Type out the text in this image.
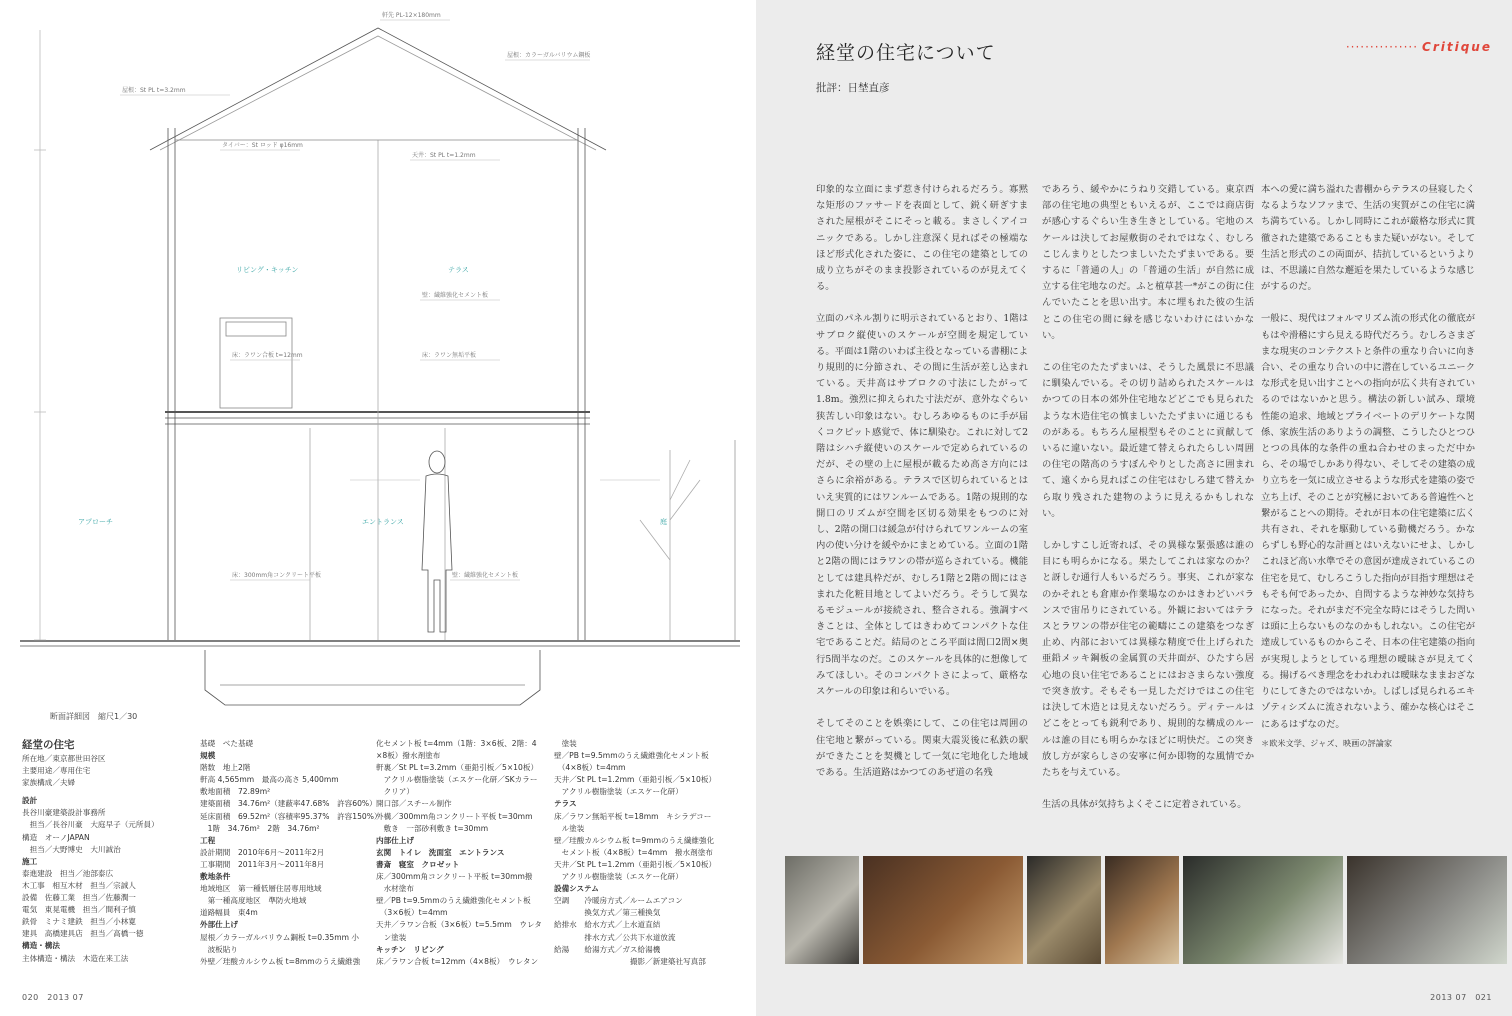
屋根：St PL t=3.2mm
タイバー：St ロッド φ16mm
床：ラワン合板 t=12mm
天井：St PL t=1.2mm
壁：繊維強化セメント板
床：ラワン無垢平板
床：300mm角コンクリート平板	壁：繊維強化セメント板
屋根：カラーガルバリウム鋼板
軒先 PL-12×180mm
リビング・キッチン	テラス
アプローチ	エントランス	庭
断面詳細図　縮尺1／30
経堂の住宅
所在地／東京都世田谷区
主要用途／専用住宅
家族構成／夫婦
設計
長谷川豪建築設計事務所
　担当／長谷川豪　大庭早子（元所員）
構造　オーノJAPAN
　担当／大野博史　大川誠治
施工
泰進建設　担当／池部泰広
木工事　相互木材　担当／宗誠人
設備　佐藤工業　担当／佐藤潤一
電気　東晃電機　担当／間利子慎
鉄骨　ミナミ建鉄　担当／小林寛
建具　高橋建具店　担当／高橋一徳
構造・構法
主体構造・構法　木造在来工法
基礎　べた基礎
規模
階数　地上2階
軒高 4,565mm　最高の高さ 5,400mm
敷地面積　72.89m²
建築面積　34.76m²（建蔽率47.68%　許容60%）
延床面積　69.52m²（容積率95.37%　許容150%）
　1階　34.76m²　2階　34.76m²
工程
設計期間　2010年6月〜2011年2月
工事期間　2011年3月〜2011年8月
敷地条件
地域地区　第一種低層住居専用地域
　第一種高度地区　準防火地域
道路幅員　東4m
外部仕上げ
屋根／カラーガルバリウム鋼板 t=0.35mm 小
　波板貼り
外壁／珪酸カルシウム板 t=8mmのうえ繊維強
化セメント板 t=4mm（1階：3×6板、2階：4
×8板）撥水剤塗布
軒裏／St PL t=3.2mm（亜鉛引板／5×10板）
　アクリル樹脂塗装（エスケー化研／SKカラー
　クリア）
開口部／スチール制作
外構／300mm角コンクリート平板 t=30mm
　敷き　一部砂利敷き t=30mm
内部仕上げ
玄関　トイレ　洗面室　エントランス
書斎　寝室　クロゼット
床／300mm角コンクリート平板 t=30mm撥
　水材塗布
壁／PB t=9.5mmのうえ繊維強化セメント板
　（3×6板）t=4mm
天井／ラワン合板（3×6板）t=5.5mm　ウレタ
　ン塗装
キッチン　リビング
床／ラワン合板 t=12mm（4×8板）　ウレタン
　塗装
壁／PB t=9.5mmのうえ繊維強化セメント板
　（4×8板）t=4mm
天井／St PL t=1.2mm（亜鉛引板／5×10板）
　アクリル樹脂塗装（エスケー化研）
テラス
床／ラワン無垢平板 t=18mm　キシラデコー
　ル塗装
壁／珪酸カルシウム板 t=9mmのうえ繊維強化
　セメント板（4×8板）t=4mm　撥水剤塗布
天井／St PL t=1.2mm（亜鉛引板／5×10板）
　アクリル樹脂塗装（エスケー化研）
設備システム
空調　　冷暖房方式／ルームエアコン
　　　　換気方式／第三種換気
給排水　給水方式／上水道直結
　　　　排水方式／公共下水道放流
給湯　　給湯方式／ガス給湯機
　　　　　　　　　　撮影／新建築社写真部
020　2013 07
··············· Critique
経堂の住宅について
批評：日埜直彦

印象的な立面にまず惹き付けられるだろう。寡黙な矩形のファサードを表面として、鋭く研ぎすまされた屋根がそこにそっと載る。まさしくアイコニックである。しかし注意深く見ればその極端なほど形式化された姿に、この住宅の建築としての成り立ちがそのまま投影されているのが見えてくる。

立面のパネル割りに明示されているとおり、1階はサブロク縦使いのスケールが空間を規定している。平面は1階のいわば主役となっている書棚により規則的に分節され、その間に生活が差し込まれている。天井高はサブロクの寸法にしたがって1.8m。強烈に抑えられた寸法だが、意外なぐらい狭苦しい印象はない。むしろあゆるものに手が届くコクピット感覚で、体に馴染む。これに対して2階はシハチ縦使いのスケールで定められているのだが、その壁の上に屋根が載るため高さ方向にはさらに余裕がある。テラスで区切られているとはいえ実質的にはワンルームである。1階の規則的な開口のリズムが空間を区切る効果をもつのに対し、2階の開口は緩急が付けられてワンルームの室内の使い分けを緩やかにまとめている。立面の1階と2階の間にはラワンの帯が巡らされている。機能としては建具枠だが、むしろ1階と2階の間にはさまれた化粧目地としてよいだろう。そうして異なるモジュールが接続され、整合される。強調すべきことは、全体としてはきわめてコンパクトな住宅であることだ。結局のところ平面は間口2間×奥行5間半なのだ。このスケールを具体的に想像してみてほしい。そのコンパクトさによって、厳格なスケールの印象は和らいでいる。

そしてそのことを娯楽にして、この住宅は周囲の住宅地と繋がっている。関東大震災後に私鉄の駅ができたことを契機として一気に宅地化した地域である。生活道路はかつてのあぜ道の名残

であろう、緩やかにうねり交錯している。東京西部の住宅地の典型ともいえるが、ここでは商店街が感心するぐらい生き生きとしている。宅地のスケールは決してお屋敷街のそれではなく、むしろこじんまりとしたつましいたたずまいである。要するに「普通の人」の「普通の生活」が自然に成立する住宅地なのだ。ふと植草甚一*がこの街に住んでいたことを思い出す。本に埋もれた彼の生活とこの住宅の間に縁を感じないわけにはいかない。

この住宅のたたずまいは、そうした風景に不思議に馴染んでいる。その切り詰められたスケールはかつての日本の郊外住宅地などどこでも見られたような木造住宅の慎ましいたたずまいに通じるものがある。もちろん屋根型もそのことに貢献しているに違いない。最近建て替えられたらしい周囲の住宅の階高のうすぼんやりとした高さに囲まれて、遠くから見ればこの住宅はむしろ建て替えから取り残された建物のように見えるかもしれない。

しかしすこし近寄れば、その異様な緊張感は誰の目にも明らかになる。果たしてこれは家なのか？と訝しむ通行人もいるだろう。事実、これが家なのかそれとも倉庫か作業場なのかはきわどいバランスで宙吊りにされている。外観においてはテラスとラワンの帯が住宅の範疇にこの建築をつなぎ止め、内部においては異様な精度で仕上げられた亜鉛メッキ鋼板の金属質の天井面が、ひたすら居心地の良い住宅であることにはおさまらない強度で突き放す。そもそも一見しただけではこの住宅は決して木造とは見えないだろう。ディテールはどこをとっても鋭利であり、規則的な構成のルールは誰の目にも明らかなほどに明快だ。この突き放し方が家らしさの安寧に何か即物的な風情でかたちを与えている。

生活の具体が気持ちよくそこに定着されている。

本への愛に満ち溢れた書棚からテラスの昼寝したくなるようなソファまで、生活の実質がこの住宅に満ち満ちている。しかし同時にこれが厳格な形式に貫徹された建築であることもまた疑いがない。そして生活と形式のこの両面が、拮抗しているというよりは、不思議に自然な邂逅を果たしているような感じがするのだ。

一般に、現代はフォルマリズム流の形式化の徹底がもはや滑稽にすら見える時代だろう。むしろさまざまな現実のコンテクストと条件の重なり合いに向き合い、その重なり合いの中に潜在しているユニークな形式を見い出すことへの指向が広く共有されているのではないかと思う。構法の新しい試み、環境性能の追求、地域とプライベートのデリケートな関係、家族生活のありようの調整、こうしたひとつひとつの具体的な条件の重ね合わせのまっただ中から、その場でしかあり得ない、そしてその建築の成り立ちを一気に成立させるような形式を建築の姿で立ち上げ、そのことが究極においてある普遍性へと繋がることへの期待。それが日本の住宅建築に広く共有され、それを駆動している動機だろう。かならずしも野心的な計画とはいえないにせよ、しかしこれほど高い水準でその意図が達成されているこの住宅を見て、むしろこうした指向が目指す理想はそもそも何であったか、自問するような神妙な気持ちになった。それがまだ不完全な時にはそうした問いは頭に上らないものなのかもしれない。この住宅が達成しているものからこそ、日本の住宅建築の指向が実現しようとしている理想の曖昧さが見えてくる。揚げるべき理念をわれわれは曖昧なままおざなりにしてきたのではないか。しばしば見られるエキゾティシズムに流されないよう、確かな核心はそこにあるはずなのだ。

＊欧米文学、ジャズ、映画の評論家
2013 07　021
